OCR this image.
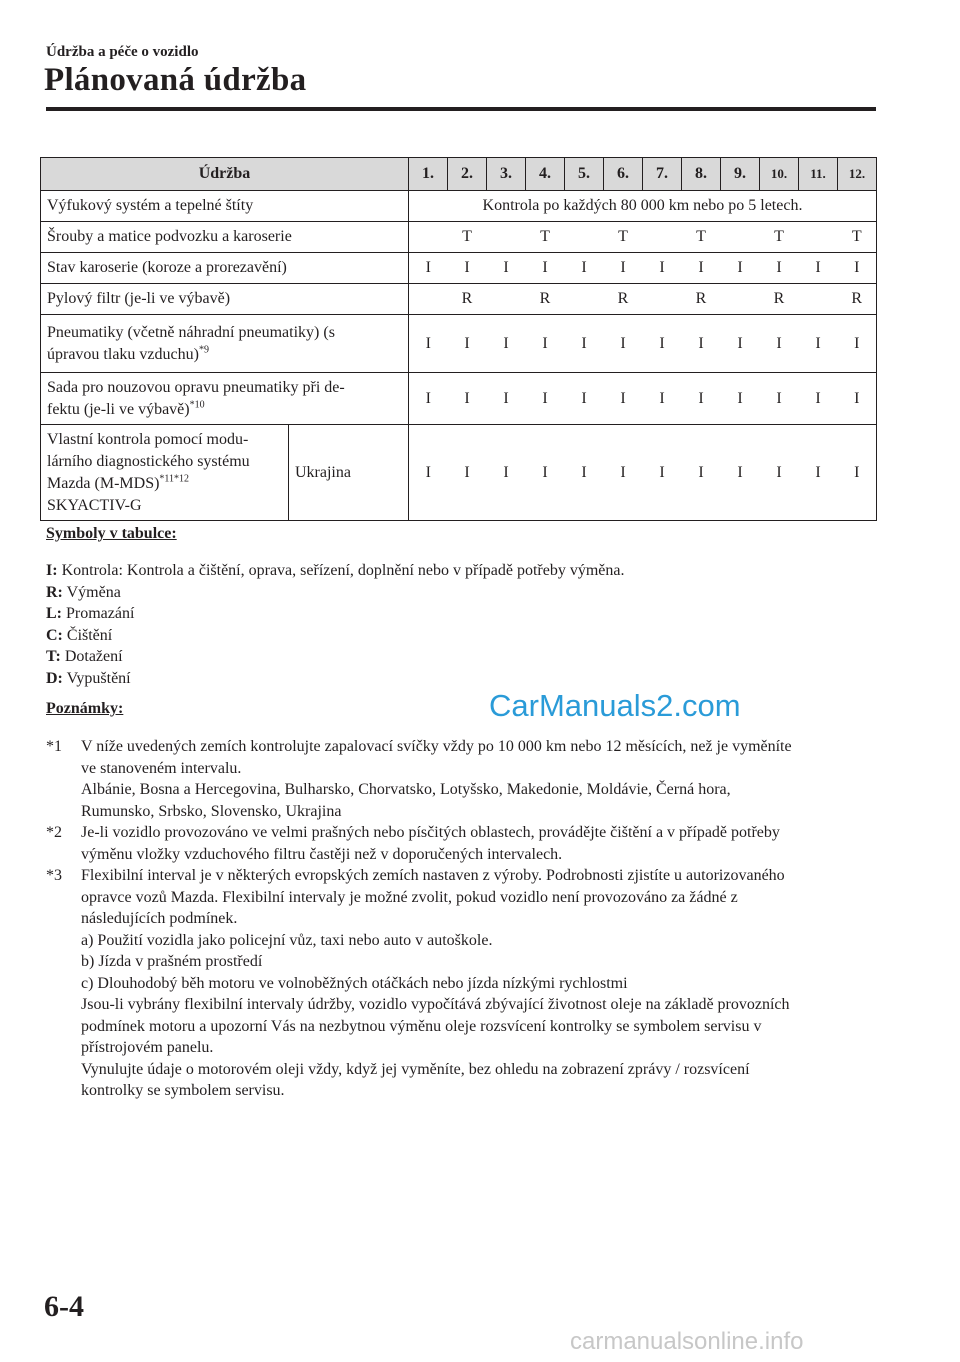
Údržba a péče o vozidlo
Plánovaná údržba
Údržba		1.	2.	3.	4.	5.	6.	7.	8.	9.	10.	11.	12.
Výfukový systém a tepelné štíty		Kontrola po každých 80 000 km nebo po 5 letech.											
Šrouby a matice podvozku a karoserie			T		T		T		T		T		T
Stav karoserie (koroze a prorezavění)		I	I	I	I	I	I	I	I	I	I	I	I
Pylový filtr (je-li ve výbavě)			R		R		R		R		R		R
Pneumatiky (včetně náhradní pneumatiky) (s
úpravou tlaku vzduchu)$^{*9}$		I	I	I	I	I	I	I	I	I	I	I	I
Sada pro nouzovou opravu pneumatiky při de-
fektu (je-li ve výbavě)$^{*10}$		I	I	I	I	I	I	I	I	I	I	I	I
Vlastní kontrola pomocí modu-
lárního diagnostického systému
Mazda $(M-MDS)^{*11*12}$
SKYACTIV-G	Ukrajina	I	I	I	I	I	I	I	I	I	I	I	I
Symboly v tabulce:
I: Kontrola: Kontrola a čištění, oprava, seřízení, doplnění nebo v případě potřeby výměna.
R: Výměna
L: Promazání
C: Čištění
T: Dotažení
D: Vypuštění
Poznámky:	CarManuals2.com
*1 V níže uvedených zemích kontrolujte zapalovací svíčky vždy po 10 000 km nebo 12 měsících, než je vyměníte

ve stanoveném intervalu.

Albánie, Bosna a Hercegovina, Bulharsko, Chorvatsko, Lotyšsko, Makedonie, Moldávie, Černá hora,

Rumunsko, Srbsko, Slovensko, Ukrajina

*2 Je-li vozidlo provozováno ve velmi prašných nebo písčitých oblastech, provádějte čištění a v případě potřeby

výměnu vložky vzduchového filtru častěji než v doporučených intervalech.

*3 Flexibilní interval je v některých evropských zemích nastaven z výroby. Podrobnosti zjistíte u autorizovaného

opravce vozů Mazda. Flexibilní intervaly je možné zvolit, pokud vozidlo není provozováno za žádné z

následujících podmínek.

a) Použití vozidla jako policejní vůz, taxi nebo auto v autoškole.

b) Jízda v prašném prostředí

c) Dlouhodobý běh motoru ve volnoběžných otáčkách nebo jízda nízkými rychlostmi

Jsou-li vybrány flexibilní intervaly údržby, vozidlo vypočítává zbývající životnost oleje na základě provozních

podmínek motoru a upozorní Vás na nezbytnou výměnu oleje rozsvícení kontrolky se symbolem servisu v

přístrojovém panelu.

Vynulujte údaje o motorovém oleji vždy, když jej vyměníte, bez ohledu na zobrazení zprávy / rozsvícení

kontrolky se symbolem servisu.

6-4
carmanualsonline.info
